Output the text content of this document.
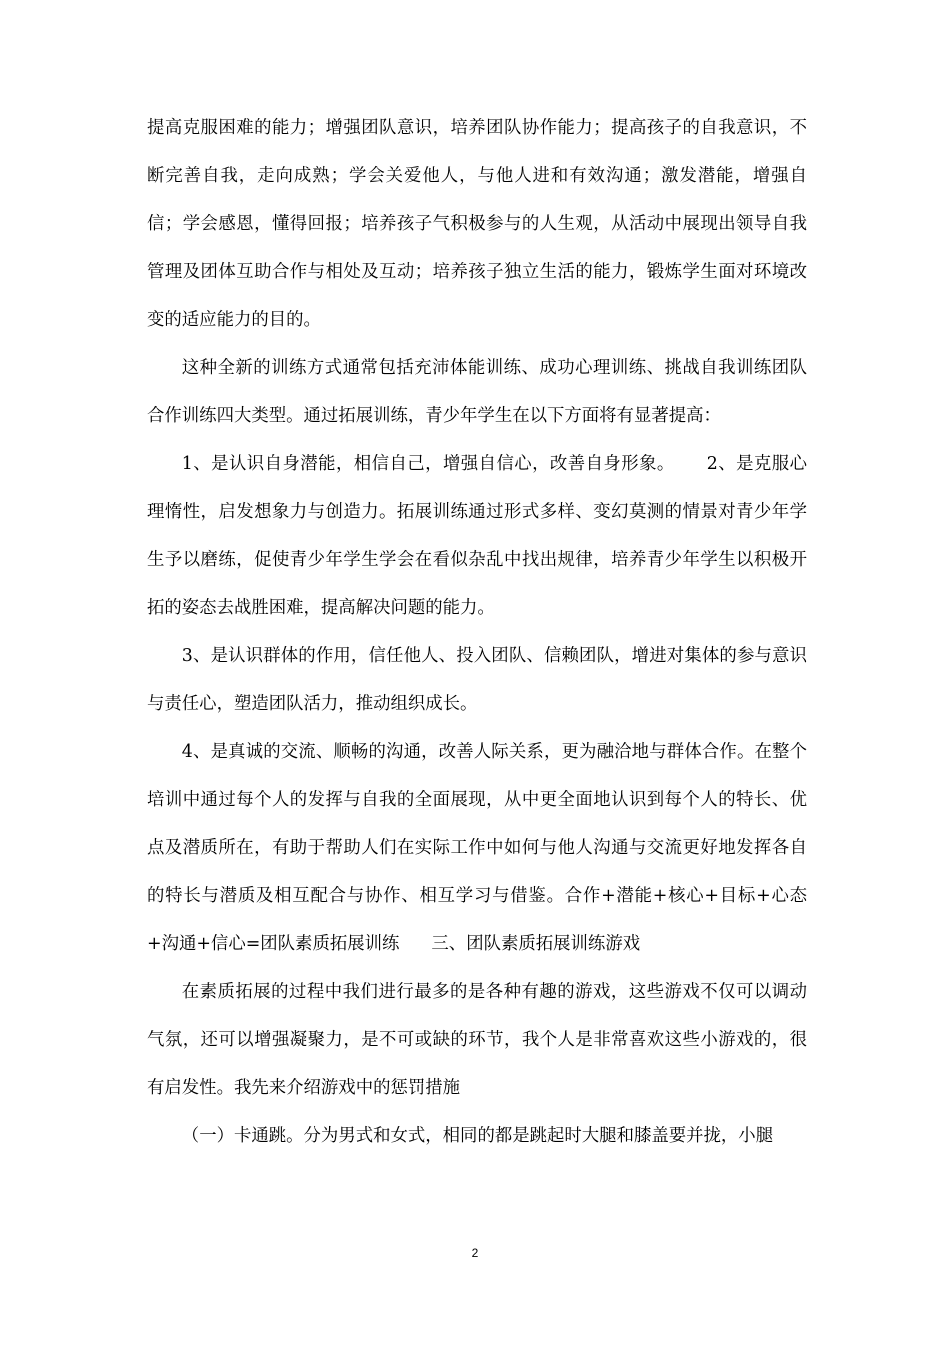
提高克服困难的能力；增强团队意识，培养团队协作能力；提高孩子的自我意识，不断完善自我，走向成熟；学会关爱他人，与他人进和有效沟通；激发潜能，增强自信；学会感恩，懂得回报；培养孩子气积极参与的人生观，从活动中展现出领导自我管理及团体互助合作与相处及互动；培养孩子独立生活的能力，锻炼学生面对环境改变的适应能力的目的。

这种全新的训练方式通常包括充沛体能训练、成功心理训练、挑战自我训练团队合作训练四大类型。通过拓展训练，青少年学生在以下方面将有显著提高：

1、是认识自身潜能，相信自己，增强自信心，改善自身形象。 2、是克服心理惰性，启发想象力与创造力。拓展训练通过形式多样、变幻莫测的情景对青少年学生予以磨练，促使青少年学生学会在看似杂乱中找出规律，培养青少年学生以积极开拓的姿态去战胜困难，提高解决问题的能力。

3、是认识群体的作用，信任他人、投入团队、信赖团队，增进对集体的参与意识与责任心，塑造团队活力，推动组织成长。

4、是真诚的交流、顺畅的沟通，改善人际关系，更为融洽地与群体合作。在整个培训中通过每个人的发挥与自我的全面展现，从中更全面地认识到每个人的特长、优点及潜质所在，有助于帮助人们在实际工作中如何与他人沟通与交流更好地发挥各自的特长与潜质及相互配合与协作、相互学习与借鉴。合作+潜能+核心+目标+心态+沟通+信心=团队素质拓展训练 三、团队素质拓展训练游戏

在素质拓展的过程中我们进行最多的是各种有趣的游戏，这些游戏不仅可以调动气氛，还可以增强凝聚力，是不可或缺的环节，我个人是非常喜欢这些小游戏的，很有启发性。我先来介绍游戏中的惩罚措施

（一）卡通跳。分为男式和女式，相同的都是跳起时大腿和膝盖要并拢，小腿

2
